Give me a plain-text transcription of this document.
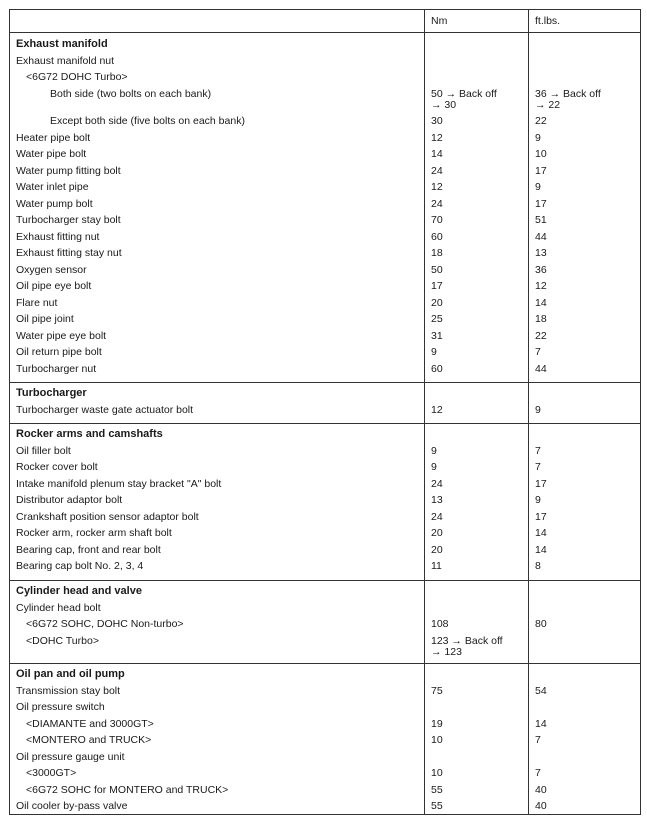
Nm	ft.lbs.
Exhaust manifold
Exhaust manifold nut
<6G72 DOHC Turbo>
Both side (two bolts on each bank)	50 → Back off	36 → Back off
→ 30	→ 22
Except both side (five bolts on each bank)	30	22
Heater pipe bolt	12	9
Water pipe bolt	14	10
Water pump fitting bolt	24	17
Water inlet pipe	12	9
Water pump bolt	24	17
Turbocharger stay bolt	70	51
Exhaust fitting nut	60	44
Exhaust fitting stay nut	18	13
Oxygen sensor	50	36
Oil pipe eye bolt	17	12
Flare nut	20	14
Oil pipe joint	25	18
Water pipe eye bolt	31	22
Oil return pipe bolt	9	7
Turbocharger nut	60	44
Turbocharger
Turbocharger waste gate actuator bolt	12	9
Rocker arms and camshafts
Oil filler bolt	9	7
Rocker cover bolt	9	7
Intake manifold plenum stay bracket "A" bolt	24	17
Distributor adaptor bolt	13	9
Crankshaft position sensor adaptor bolt	24	17
Rocker arm, rocker arm shaft bolt	20	14
Bearing cap, front and rear bolt	20	14
Bearing cap bolt No. 2, 3, 4	11	8
Cylinder head and valve
Cylinder head bolt
<6G72 SOHC, DOHC Non-turbo>	108	80
<DOHC Turbo>	123 → Back off
→ 123
Oil pan and oil pump
Transmission stay bolt	75	54
Oil pressure switch
<DIAMANTE and 3000GT>	19	14
<MONTERO and TRUCK>	10	7
Oil pressure gauge unit
<3000GT>	10	7
<6G72 SOHC for MONTERO and TRUCK>	55	40
Oil cooler by-pass valve	55	40
